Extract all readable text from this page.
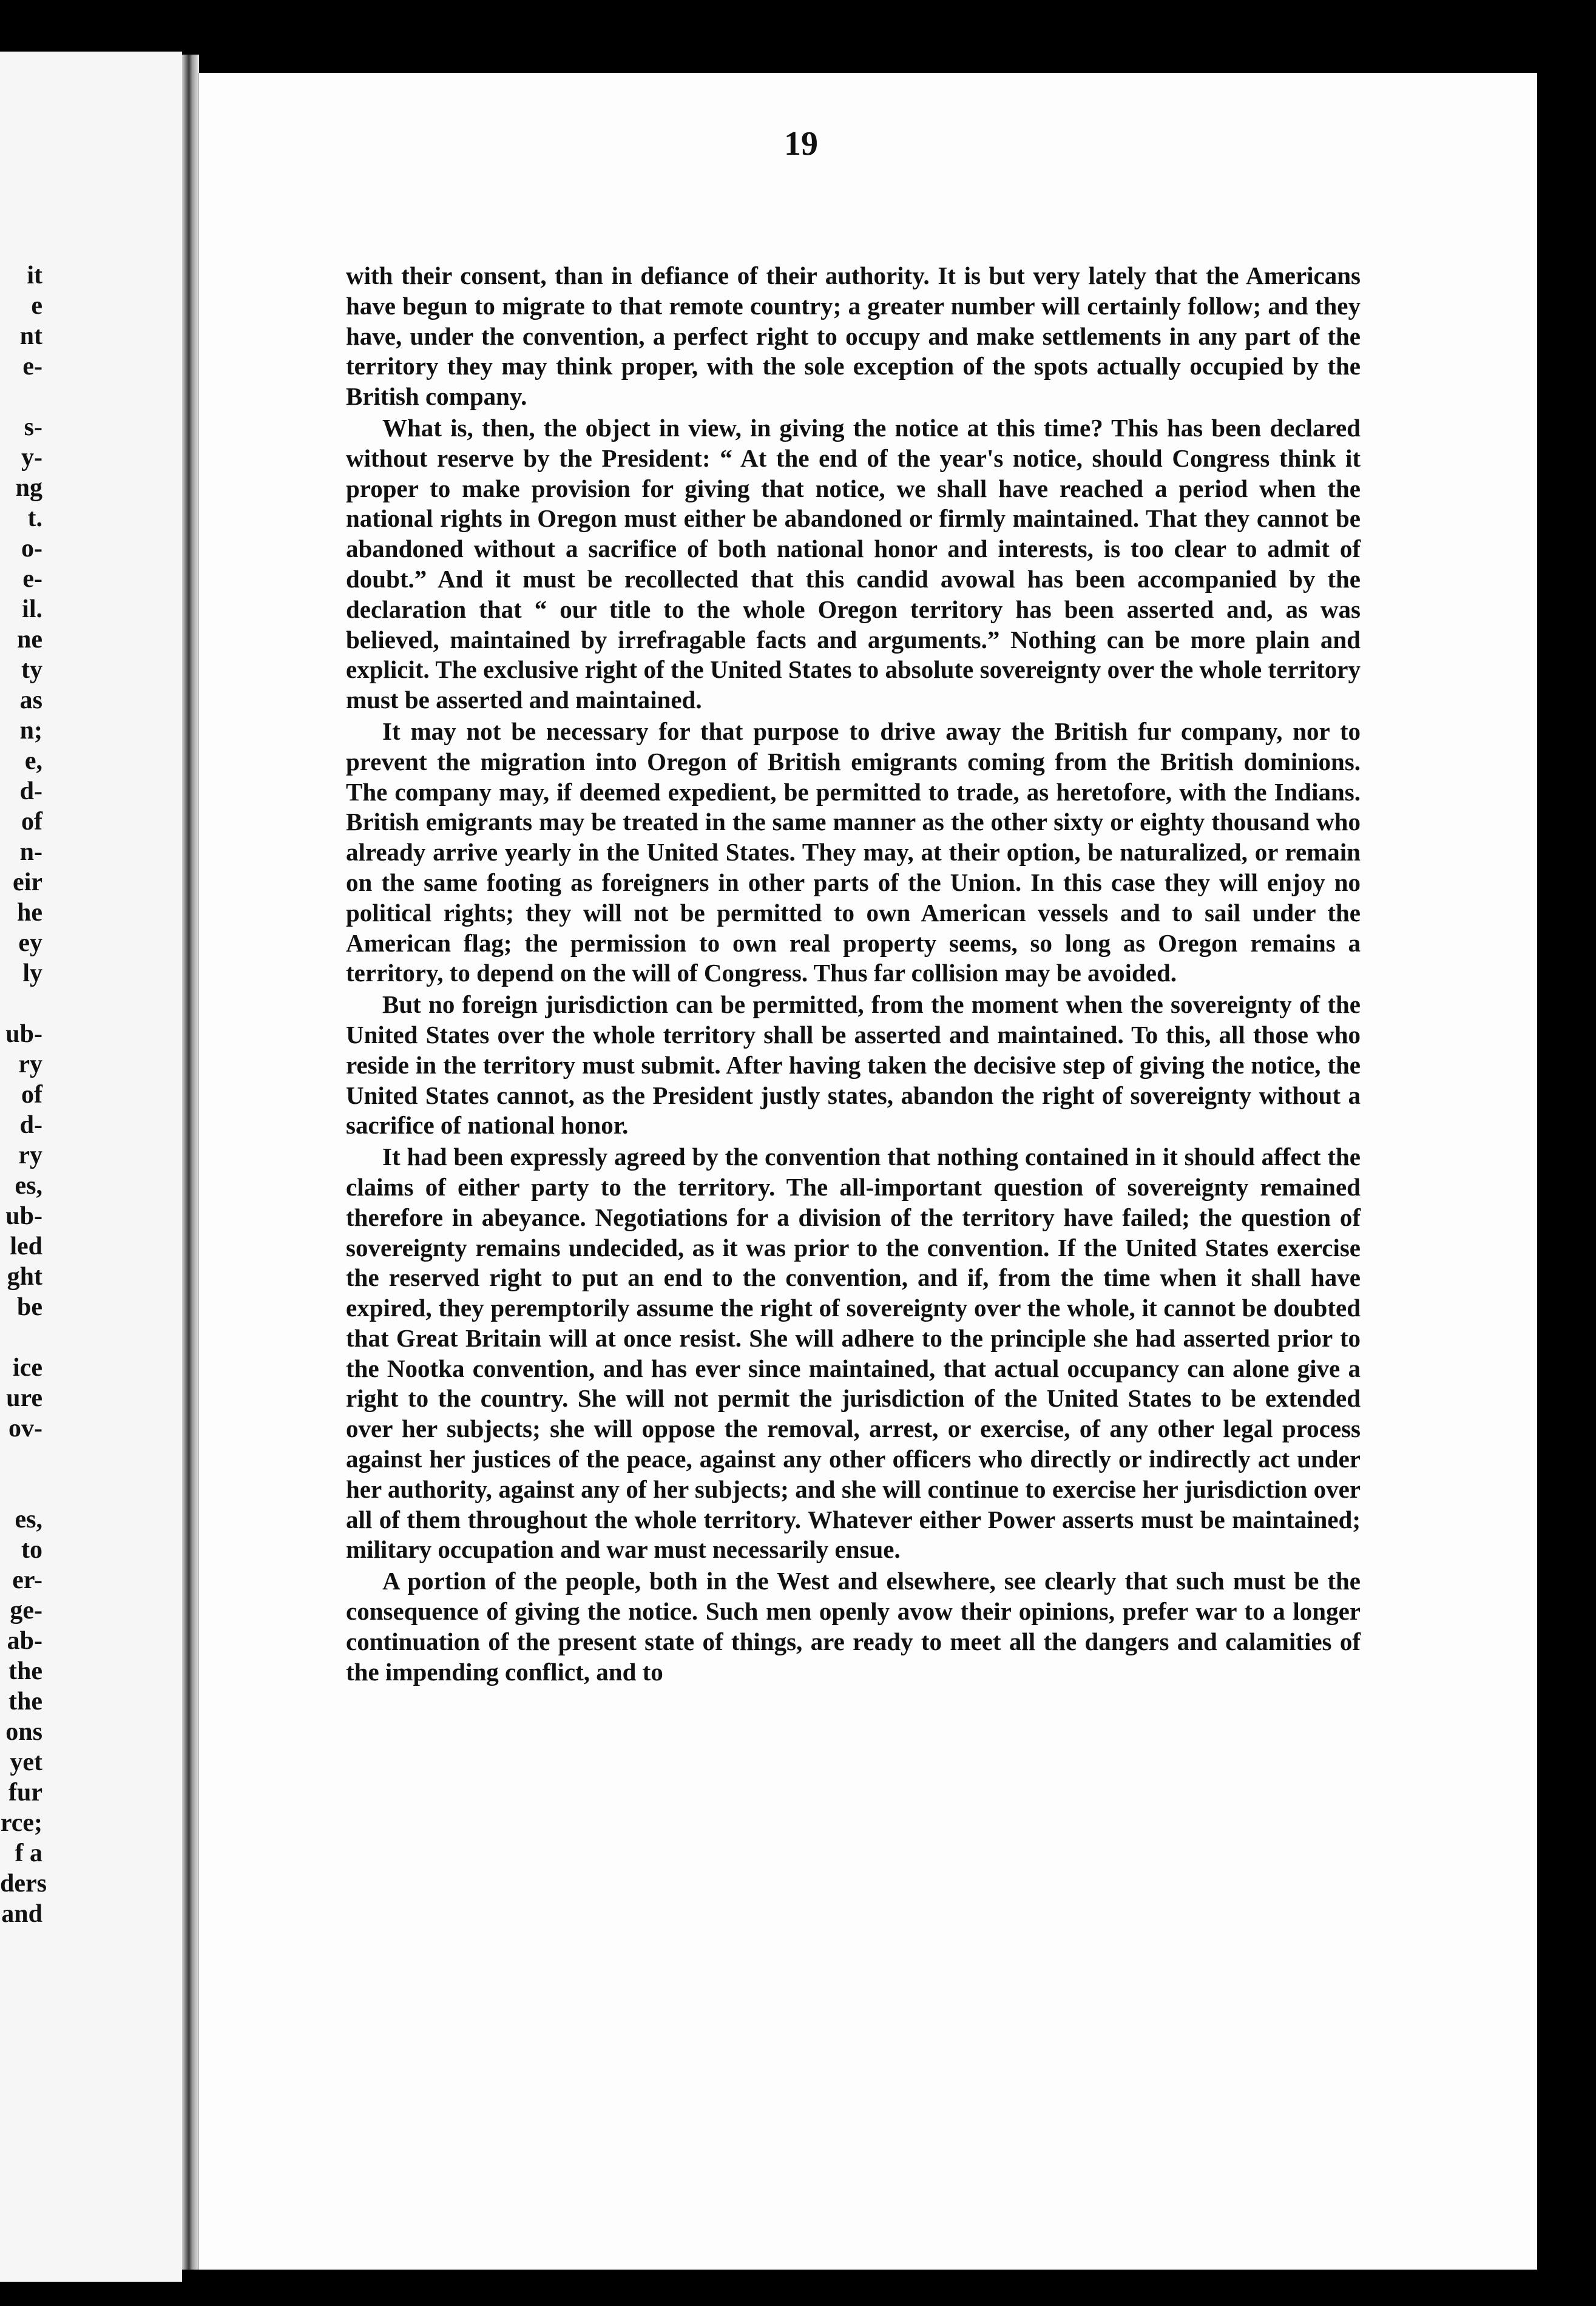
it
e
nt
e-
s-
y-
ng
t.
o-
e-
il.
ne
ty
as
n;
e,
d-
of
n-
eir
he
ey
ly
ub-
ry
of
d-
ry
es,
ub-
led
ght
be
ice
ure
ov-
es,
to
er-
ge-
ab-
the
the
ons
yet
fur
rce;
f a
ders
and
19

with their consent, than in defiance of their authority. It is but very lately that the Americans have begun to migrate to that remote country; a greater number will certainly follow; and they have, under the convention, a perfect right to occupy and make settlements in any part of the territory they may think proper, with the sole exception of the spots actually occupied by the British company.

What is, then, the object in view, in giving the notice at this time? This has been declared without reserve by the President: “ At the end of the year's notice, should Congress think it proper to make provision for giving that notice, we shall have reached a period when the national rights in Oregon must either be abandoned or firmly maintained. That they cannot be abandoned without a sacrifice of both national honor and interests, is too clear to admit of doubt.” And it must be recollected that this candid avowal has been accompanied by the declaration that “ our title to the whole Oregon territory has been asserted and, as was believed, maintained by irrefragable facts and arguments.” Nothing can be more plain and explicit. The exclusive right of the United States to absolute sovereignty over the whole territory must be asserted and maintained.

It may not be necessary for that purpose to drive away the British fur company, nor to prevent the migration into Oregon of British emigrants coming from the British dominions. The company may, if deemed expedient, be permitted to trade, as heretofore, with the Indians. British emigrants may be treated in the same manner as the other sixty or eighty thousand who already arrive yearly in the United States. They may, at their option, be naturalized, or remain on the same footing as foreigners in other parts of the Union. In this case they will enjoy no political rights; they will not be permitted to own American vessels and to sail under the American flag; the permission to own real property seems, so long as Oregon remains a territory, to depend on the will of Congress. Thus far collision may be avoided.

But no foreign jurisdiction can be permitted, from the moment when the sovereignty of the United States over the whole territory shall be asserted and maintained. To this, all those who reside in the territory must submit. After having taken the decisive step of giving the notice, the United States cannot, as the President justly states, abandon the right of sovereignty without a sacrifice of national honor.

It had been expressly agreed by the convention that nothing contained in it should affect the claims of either party to the territory. The all-important question of sovereignty remained therefore in abeyance. Negotiations for a division of the territory have failed; the question of sovereignty remains undecided, as it was prior to the convention. If the United States exercise the reserved right to put an end to the convention, and if, from the time when it shall have expired, they peremptorily assume the right of sovereignty over the whole, it cannot be doubted that Great Britain will at once resist. She will adhere to the principle she had asserted prior to the Nootka convention, and has ever since maintained, that actual occupancy can alone give a right to the country. She will not permit the jurisdiction of the United States to be extended over her subjects; she will oppose the removal, arrest, or exercise, of any other legal process against her justices of the peace, against any other officers who directly or indirectly act under her authority, against any of her subjects; and she will continue to exercise her jurisdiction over all of them throughout the whole territory. Whatever either Power asserts must be maintained; military occupation and war must necessarily ensue.

A portion of the people, both in the West and elsewhere, see clearly that such must be the consequence of giving the notice. Such men openly avow their opinions, prefer war to a longer continuation of the present state of things, are ready to meet all the dangers and calamities of the impending conflict, and to
